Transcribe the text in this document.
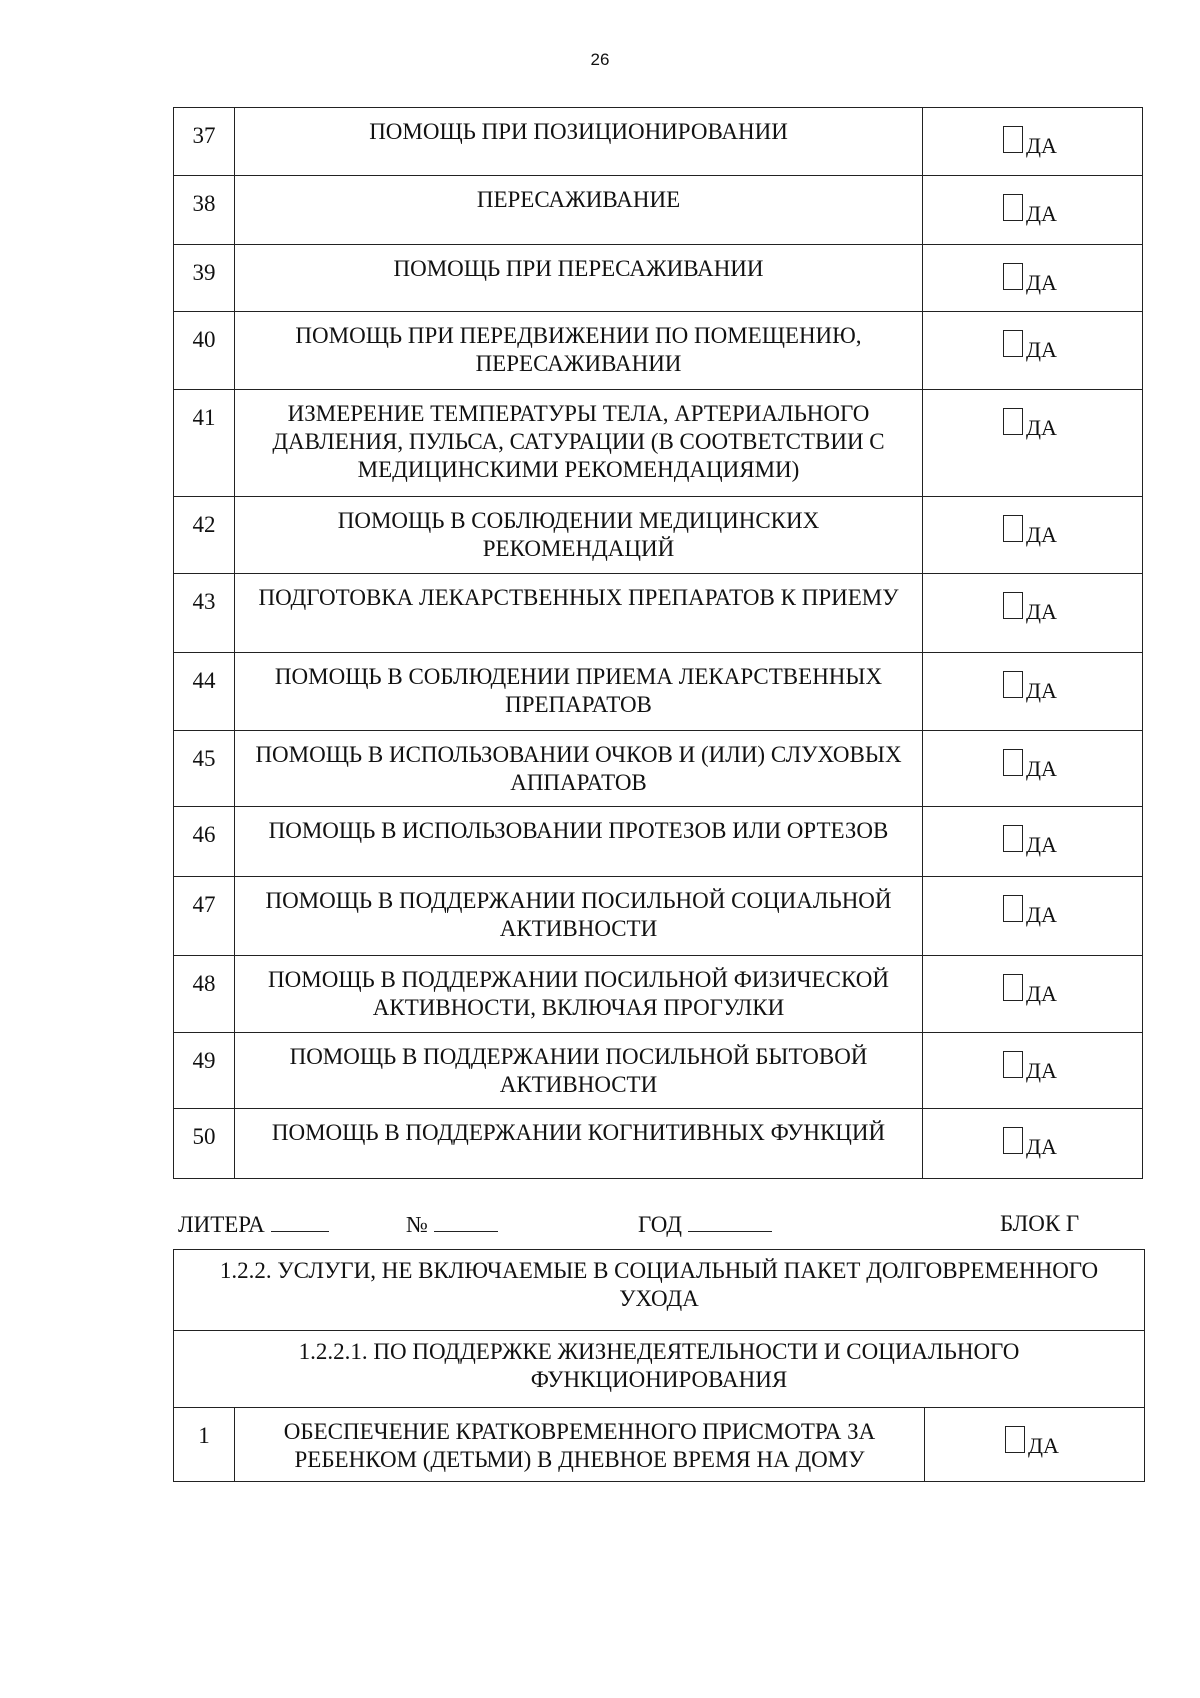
26
37	ПОМОЩЬ ПРИ ПОЗИЦИОНИРОВАНИИ	ДА
38	ПЕРЕСАЖИВАНИЕ	ДА
39	ПОМОЩЬ ПРИ ПЕРЕСАЖИВАНИИ	ДА
40	ПОМОЩЬ ПРИ ПЕРЕДВИЖЕНИИ ПО ПОМЕЩЕНИЮ, ПЕРЕСАЖИВАНИИ	ДА
41	ИЗМЕРЕНИЕ ТЕМПЕРАТУРЫ ТЕЛА, АРТЕРИАЛЬНОГО ДАВЛЕНИЯ, ПУЛЬСА, САТУРАЦИИ (В СООТВЕТСТВИИ С МЕДИЦИНСКИМИ РЕКОМЕНДАЦИЯМИ)	ДА
42	ПОМОЩЬ В СОБЛЮДЕНИИ МЕДИЦИНСКИХ РЕКОМЕНДАЦИЙ	ДА
43	ПОДГОТОВКА ЛЕКАРСТВЕННЫХ ПРЕПАРАТОВ К ПРИЕМУ	ДА
44	ПОМОЩЬ В СОБЛЮДЕНИИ ПРИЕМА ЛЕКАРСТВЕННЫХ ПРЕПАРАТОВ	ДА
45	ПОМОЩЬ В ИСПОЛЬЗОВАНИИ ОЧКОВ И (ИЛИ) СЛУХОВЫХ АППАРАТОВ	ДА
46	ПОМОЩЬ В ИСПОЛЬЗОВАНИИ ПРОТЕЗОВ ИЛИ ОРТЕЗОВ	ДА
47	ПОМОЩЬ В ПОДДЕРЖАНИИ ПОСИЛЬНОЙ СОЦИАЛЬНОЙ АКТИВНОСТИ	ДА
48	ПОМОЩЬ В ПОДДЕРЖАНИИ ПОСИЛЬНОЙ ФИЗИЧЕСКОЙ АКТИВНОСТИ, ВКЛЮЧАЯ ПРОГУЛКИ	ДА
49	ПОМОЩЬ В ПОДДЕРЖАНИИ ПОСИЛЬНОЙ БЫТОВОЙ АКТИВНОСТИ	ДА
50	ПОМОЩЬ В ПОДДЕРЖАНИИ КОГНИТИВНЫХ ФУНКЦИЙ	ДА
ЛИТЕРА	№	ГОД	БЛОК Г
1.2.2. УСЛУГИ, НЕ ВКЛЮЧАЕМЫЕ В СОЦИАЛЬНЫЙ ПАКЕТ ДОЛГОВРЕМЕННОГО УХОДА
1.2.2.1. ПО ПОДДЕРЖКЕ ЖИЗНЕДЕЯТЕЛЬНОСТИ И СОЦИАЛЬНОГО ФУНКЦИОНИРОВАНИЯ
1	ОБЕСПЕЧЕНИЕ КРАТКОВРЕМЕННОГО ПРИСМОТРА ЗА РЕБЕНКОМ (ДЕТЬМИ) В ДНЕВНОЕ ВРЕМЯ НА ДОМУ	ДА
